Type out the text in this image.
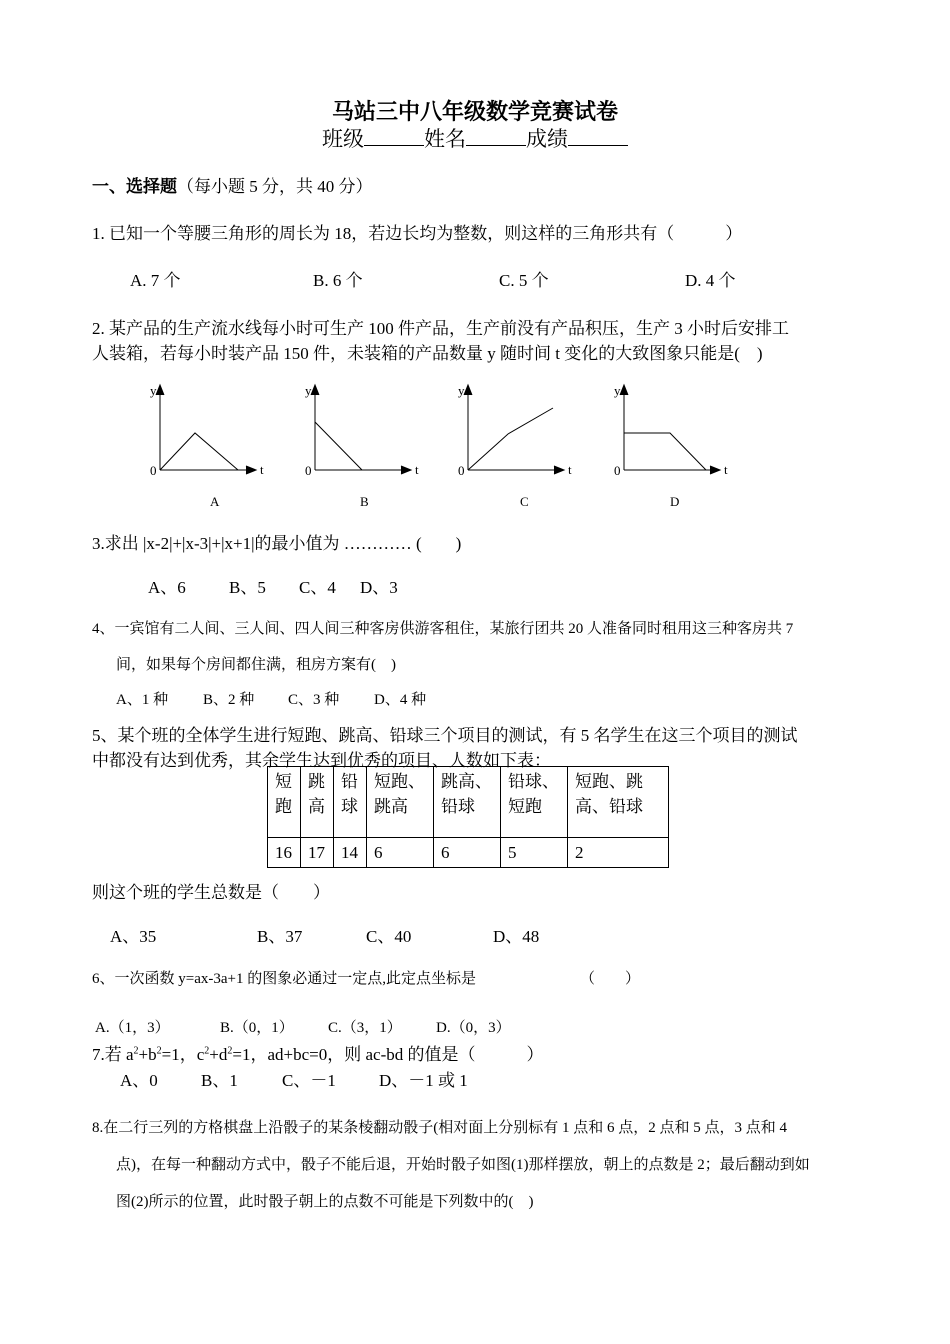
马站三中八年级数学竞赛试卷
班级	姓名	成绩
一、选择题（每小题 5 分，共 40 分）
1. 已知一个等腰三角形的周长为 18，若边长均为整数，则这样的三角形共有（　　　）
A. 7 个	B. 6 个	C. 5 个	D. 4 个
2. 某产品的生产流水线每小时可生产 100 件产品，生产前没有产品积压，生产 3 小时后安排工
人装箱，若每小时装产品 150 件，未装箱的产品数量 y 随时间 t 变化的大致图象只能是(　)
y
0	t
A
y
0	t
B
y
0	t
C
y
0	t
D
3.求出 |x-2|+|x-3|+|x+1|的最小值为 ………… (　　)
A、6	B、5 C、4 D、3
4、一宾馆有二人间、三人间、四人间三种客房供游客租住，某旅行团共 20 人准备同时租用这三种客房共 7
间，如果每个房间都住满，租房方案有(　)
A、1 种 B、2 种 C、3 种 D、4 种
5、某个班的全体学生进行短跑、跳高、铅球三个项目的测试，有 5 名学生在这三个项目的测试
中都没有达到优秀，其余学生达到优秀的项目、人数如下表：
短跑	跳高	铅球	短跑、跳高	跳高、铅球	铅球、短跑	短跑、跳高、铅球
16	17	14	6	6	5	2
则这个班的学生总数是（　　）
A、35	B、37	C、40	D、48
6、一次函数 y=ax-3a+1 的图象必通过一定点,此定点坐标是	（　　）
A.（1，3）	B.（0，1） C.（3，1） D.（0，3）
7.若 $a^2+b^2=1$，$c^2+d^2=1$，ad+bc=0，则 ac-bd 的值是（　　　）
A、0	B、1	C、－1	D、－1 或 1
8.在二行三列的方格棋盘上沿骰子的某条棱翻动骰子(相对面上分别标有 1 点和 6 点，2 点和 5 点，3 点和 4
点)，在每一种翻动方式中，骰子不能后退，开始时骰子如图(1)那样摆放，朝上的点数是 2；最后翻动到如
图(2)所示的位置，此时骰子朝上的点数不可能是下列数中的(　)
